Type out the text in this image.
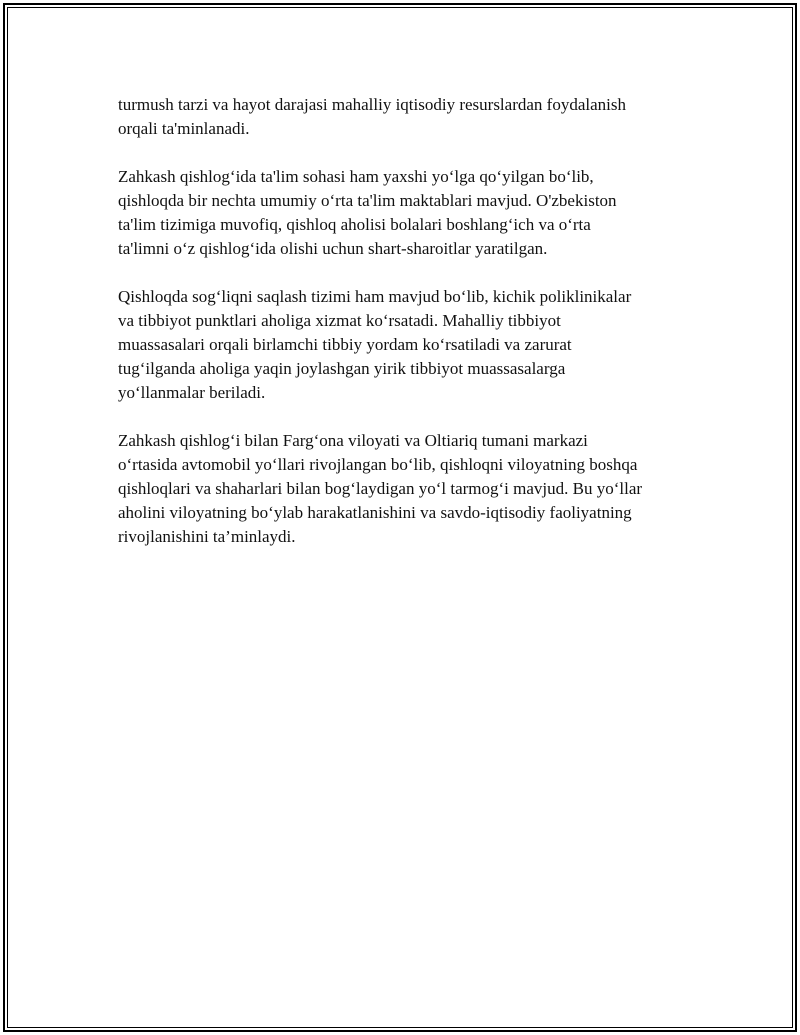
turmush tarzi va hayot darajasi mahalliy iqtisodiy resurslardan foydalanish
orqali ta'minlanadi.

Zahkash qishlog‘ida ta'lim sohasi ham yaxshi yo‘lga qo‘yilgan bo‘lib,
qishloqda bir nechta umumiy o‘rta ta'lim maktablari mavjud. O'zbekiston
ta'lim tizimiga muvofiq, qishloq aholisi bolalari boshlang‘ich va o‘rta
ta'limni o‘z qishlog‘ida olishi uchun shart-sharoitlar yaratilgan.

Qishloqda sog‘liqni saqlash tizimi ham mavjud bo‘lib, kichik poliklinikalar
va tibbiyot punktlari aholiga xizmat ko‘rsatadi. Mahalliy tibbiyot
muassasalari orqali birlamchi tibbiy yordam ko‘rsatiladi va zarurat
tug‘ilganda aholiga yaqin joylashgan yirik tibbiyot muassasalarga
yo‘llanmalar beriladi.

Zahkash qishlog‘i bilan Farg‘ona viloyati va Oltiariq tumani markazi
o‘rtasida avtomobil yo‘llari rivojlangan bo‘lib, qishloqni viloyatning boshqa
qishloqlari va shaharlari bilan bog‘laydigan yo‘l tarmog‘i mavjud. Bu yo‘llar
aholini viloyatning bo‘ylab harakatlanishini va savdo-iqtisodiy faoliyatning
rivojlanishini ta’minlaydi.
